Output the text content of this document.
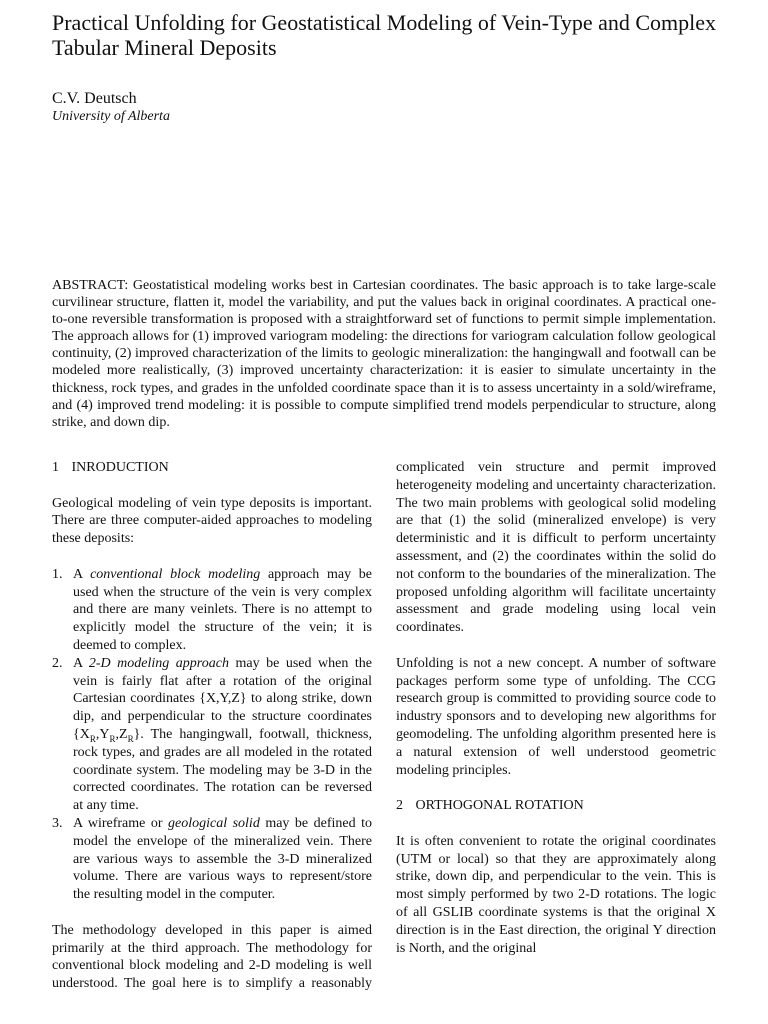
Practical Unfolding for Geostatistical Modeling of Vein-Type and Complex Tabular Mineral Deposits
C.V. Deutsch
University of Alberta

ABSTRACT: Geostatistical modeling works best in Cartesian coordinates. The basic approach is to take large-scale curvilinear structure, flatten it, model the variability, and put the values back in original coordinates. A practical one-to-one reversible transformation is proposed with a straightforward set of functions to permit simple implementation. The approach allows for (1) improved variogram modeling: the directions for variogram calculation follow geological continuity, (2) improved characterization of the limits to geologic mineralization: the hangingwall and footwall can be modeled more realistically, (3) improved uncertainty characterization: it is easier to simulate uncertainty in the thickness, rock types, and grades in the unfolded coordinate space than it is to assess uncertainty in a sold/wireframe, and (4) improved trend modeling: it is possible to compute simplified trend models perpendicular to structure, along strike, and down dip.

1 INRODUCTION

Geological modeling of vein type deposits is important. There are three computer-aided approaches to modeling these deposits:

1. A conventional block modeling approach may be used when the structure of the vein is very complex and there are many veinlets. There is no attempt to explicitly model the structure of the vein; it is deemed to complex.
2. A 2-D modeling approach may be used when the vein is fairly flat after a rotation of the original Cartesian coordinates {X,Y,Z} to along strike, down dip, and perpendicular to the structure coordinates $\{X_R,Y_R,Z_R\}$. The hangingwall, footwall, thickness, rock types, and grades are all modeled in the rotated coordinate system. The modeling may be 3-D in the corrected coordinates. The rotation can be reversed at any time.
3. A wireframe or geological solid may be defined to model the envelope of the mineralized vein. There are various ways to assemble the 3-D mineralized volume. There are various ways to represent/store the resulting model in the computer.

The methodology developed in this paper is aimed primarily at the third approach. The methodology for conventional block modeling and 2-D modeling is well understood. The goal here is to simplify a reasonably

complicated vein structure and permit improved heterogeneity modeling and uncertainty characterization. The two main problems with geological solid modeling are that (1) the solid (mineralized envelope) is very deterministic and it is difficult to perform uncertainty assessment, and (2) the coordinates within the solid do not conform to the boundaries of the mineralization. The proposed unfolding algorithm will facilitate uncertainty assessment and grade modeling using local vein coordinates.

Unfolding is not a new concept. A number of software packages perform some type of unfolding. The CCG research group is committed to providing source code to industry sponsors and to developing new algorithms for geomodeling. The unfolding algorithm presented here is a natural extension of well understood geometric modeling principles.

2 ORTHOGONAL ROTATION

It is often convenient to rotate the original coordinates (UTM or local) so that they are approximately along strike, down dip, and perpendicular to the vein. This is most simply performed by two 2-D rotations. The logic of all GSLIB coordinate systems is that the original X direction is in the East direction, the original Y direction is North, and the original
